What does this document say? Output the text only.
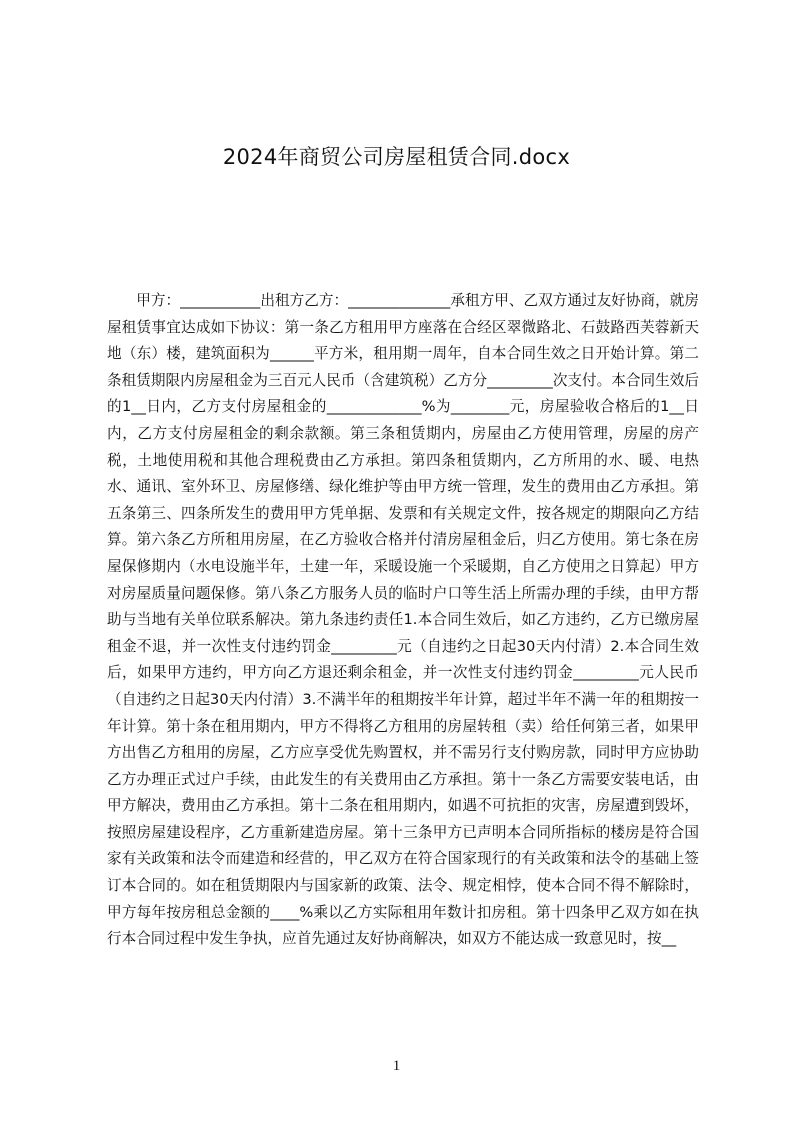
2024年商贸公司房屋租赁合同.docx

甲方：___________出租方乙方：______________承租方甲、乙双方通过友好协商，就房屋租赁事宜达成如下协议：第一条乙方租用甲方座落在合经区翠微路北、石鼓路西芙蓉新天地（东）楼，建筑面积为______平方米，租用期一周年，自本合同生效之日开始计算。第二条租赁期限内房屋租金为三百元人民币（含建筑税）乙方分_________次支付。本合同生效后的1__日内，乙方支付房屋租金的_____________%为________元，房屋验收合格后的1__日内，乙方支付房屋租金的剩余款额。第三条租赁期内，房屋由乙方使用管理，房屋的房产税，土地使用税和其他合理税费由乙方承担。第四条租赁期内，乙方所用的水、暖、电热水、通讯、室外环卫、房屋修缮、绿化维护等由甲方统一管理，发生的费用由乙方承担。第五条第三、四条所发生的费用甲方凭单据、发票和有关规定文件，按各规定的期限向乙方结算。第六条乙方所租用房屋，在乙方验收合格并付清房屋租金后，归乙方使用。第七条在房屋保修期内（水电设施半年，土建一年，采暖设施一个采暖期，自乙方使用之日算起）甲方对房屋质量问题保修。第八条乙方服务人员的临时户口等生活上所需办理的手续，由甲方帮助与当地有关单位联系解决。第九条违约责任1.本合同生效后，如乙方违约，乙方已缴房屋租金不退，并一次性支付违约罚金_________元（自违约之日起30天内付清）2.本合同生效后，如果甲方违约，甲方向乙方退还剩余租金，并一次性支付违约罚金_________元人民币（自违约之日起30天内付清）3.不满半年的租期按半年计算，超过半年不满一年的租期按一年计算。第十条在租用期内，甲方不得将乙方租用的房屋转租（卖）给任何第三者，如果甲方出售乙方租用的房屋，乙方应享受优先购置权，并不需另行支付购房款，同时甲方应协助乙方办理正式过户手续，由此发生的有关费用由乙方承担。第十一条乙方需要安装电话，由甲方解决，费用由乙方承担。第十二条在租用期内，如遇不可抗拒的灾害，房屋遭到毁坏，按照房屋建设程序，乙方重新建造房屋。第十三条甲方已声明本合同所指标的楼房是符合国家有关政策和法令而建造和经营的，甲乙双方在符合国家现行的有关政策和法令的基础上签订本合同的。如在租赁期限内与国家新的政策、法令、规定相悖，使本合同不得不解除时，甲方每年按房租总金额的____%乘以乙方实际租用年数计扣房租。第十四条甲乙双方如在执行本合同过程中发生争执，应首先通过友好协商解决，如双方不能达成一致意见时，按__

1
